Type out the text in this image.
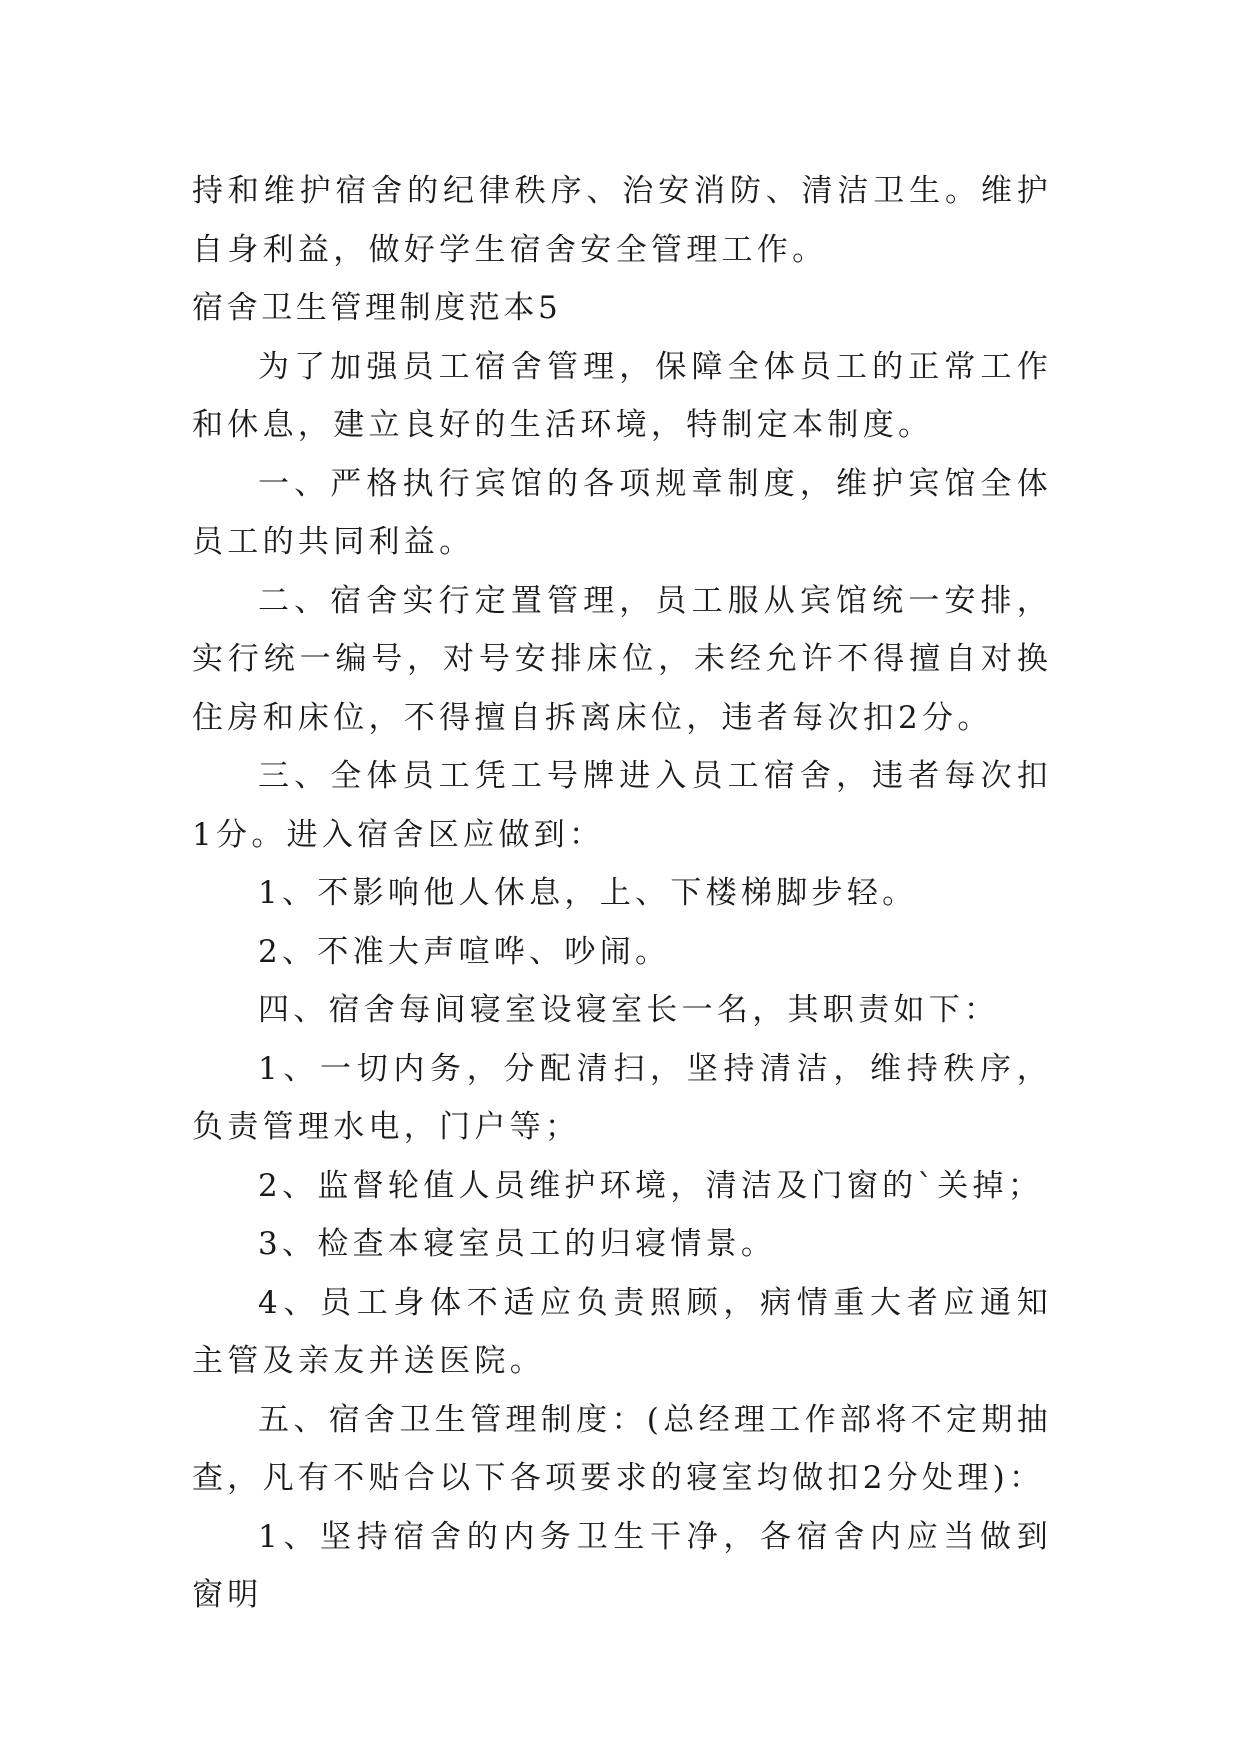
持和维护宿舍的纪律秩序、治安消防、清洁卫生。维护自身利益，做好学生宿舍安全管理工作。

宿舍卫生管理制度范本5

为了加强员工宿舍管理，保障全体员工的正常工作和休息，建立良好的生活环境，特制定本制度。

一、严格执行宾馆的各项规章制度，维护宾馆全体员工的共同利益。

二、宿舍实行定置管理，员工服从宾馆统一安排，实行统一编号，对号安排床位，未经允许不得擅自对换住房和床位，不得擅自拆离床位，违者每次扣2分。

三、全体员工凭工号牌进入员工宿舍，违者每次扣1分。进入宿舍区应做到：

1、不影响他人休息，上、下楼梯脚步轻。

2、不准大声喧哗、吵闹。

四、宿舍每间寝室设寝室长一名，其职责如下：

1、一切内务，分配清扫，坚持清洁，维持秩序，负责管理水电，门户等；

2、监督轮值人员维护环境，清洁及门窗的`关掉；

3、检查本寝室员工的归寝情景。

4、员工身体不适应负责照顾，病情重大者应通知主管及亲友并送医院。

五、宿舍卫生管理制度：(总经理工作部将不定期抽查，凡有不贴合以下各项要求的寝室均做扣2分处理)：

1、坚持宿舍的内务卫生干净，各宿舍内应当做到窗明
